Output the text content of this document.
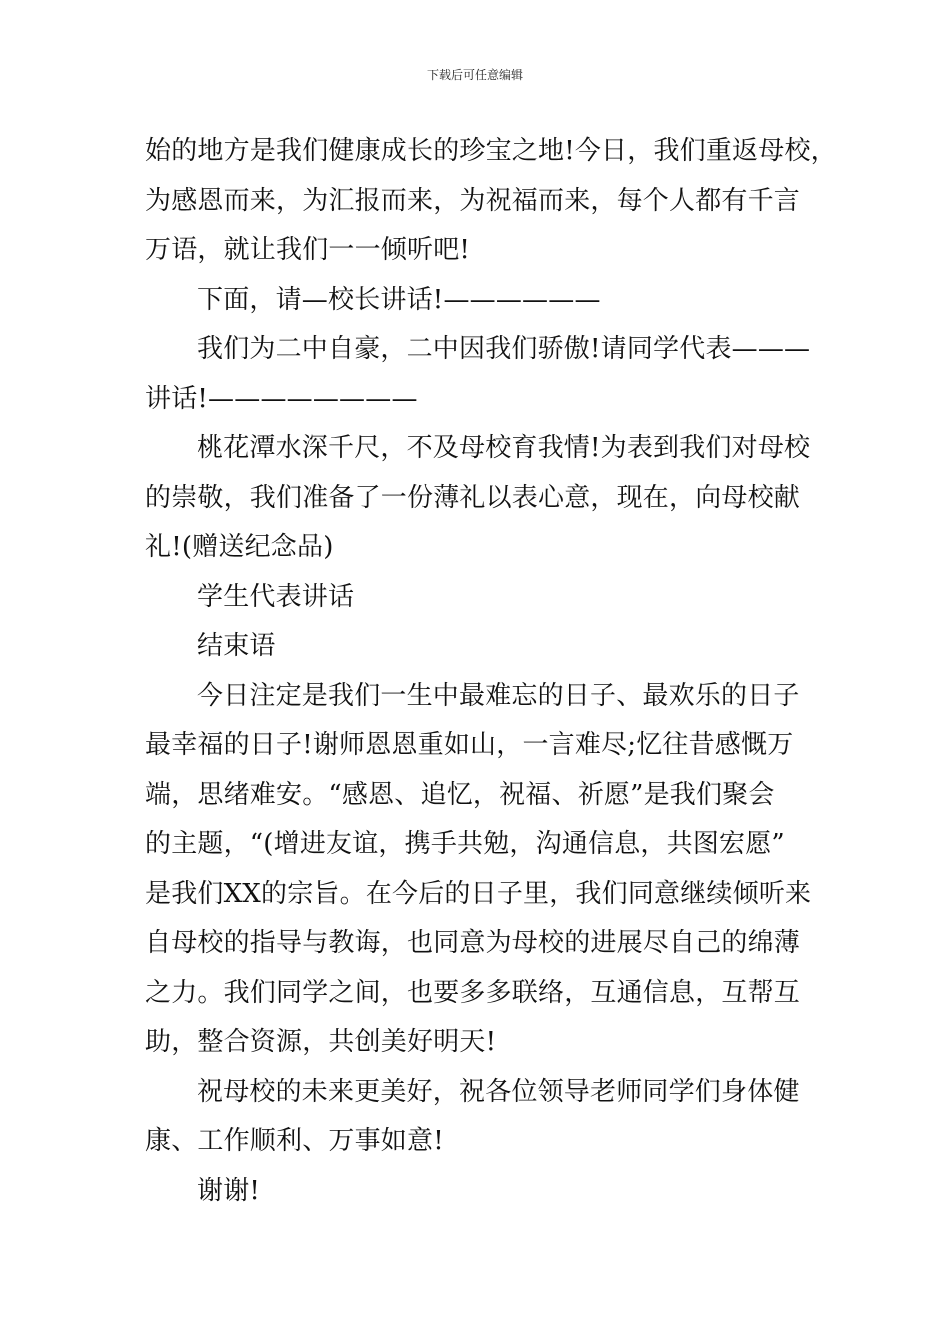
下载后可任意编辑
始的地方是我们健康成长的珍宝之地!今日，我们重返母校，
为感恩而来，为汇报而来，为祝福而来，每个人都有千言
万语，就让我们一一倾听吧!
下面，请—校长讲话!——————
我们为二中自豪，二中因我们骄傲!请同学代表———
讲话!————————
桃花潭水深千尺，不及母校育我情!为表到我们对母校
的崇敬，我们准备了一份薄礼以表心意，现在，向母校献
礼!(赠送纪念品)
学生代表讲话
结束语
今日注定是我们一生中最难忘的日子、最欢乐的日子
最幸福的日子!谢师恩恩重如山，一言难尽;忆往昔感慨万
端，思绪难安。“感恩、追忆，祝福、祈愿”是我们聚会
的主题，“(增进友谊，携手共勉，沟通信息，共图宏愿”
是我们XX的宗旨。在今后的日子里，我们同意继续倾听来
自母校的指导与教诲，也同意为母校的进展尽自己的绵薄
之力。我们同学之间，也要多多联络，互通信息，互帮互
助，整合资源，共创美好明天!
祝母校的未来更美好，祝各位领导老师同学们身体健
康、工作顺利、万事如意!
谢谢!
